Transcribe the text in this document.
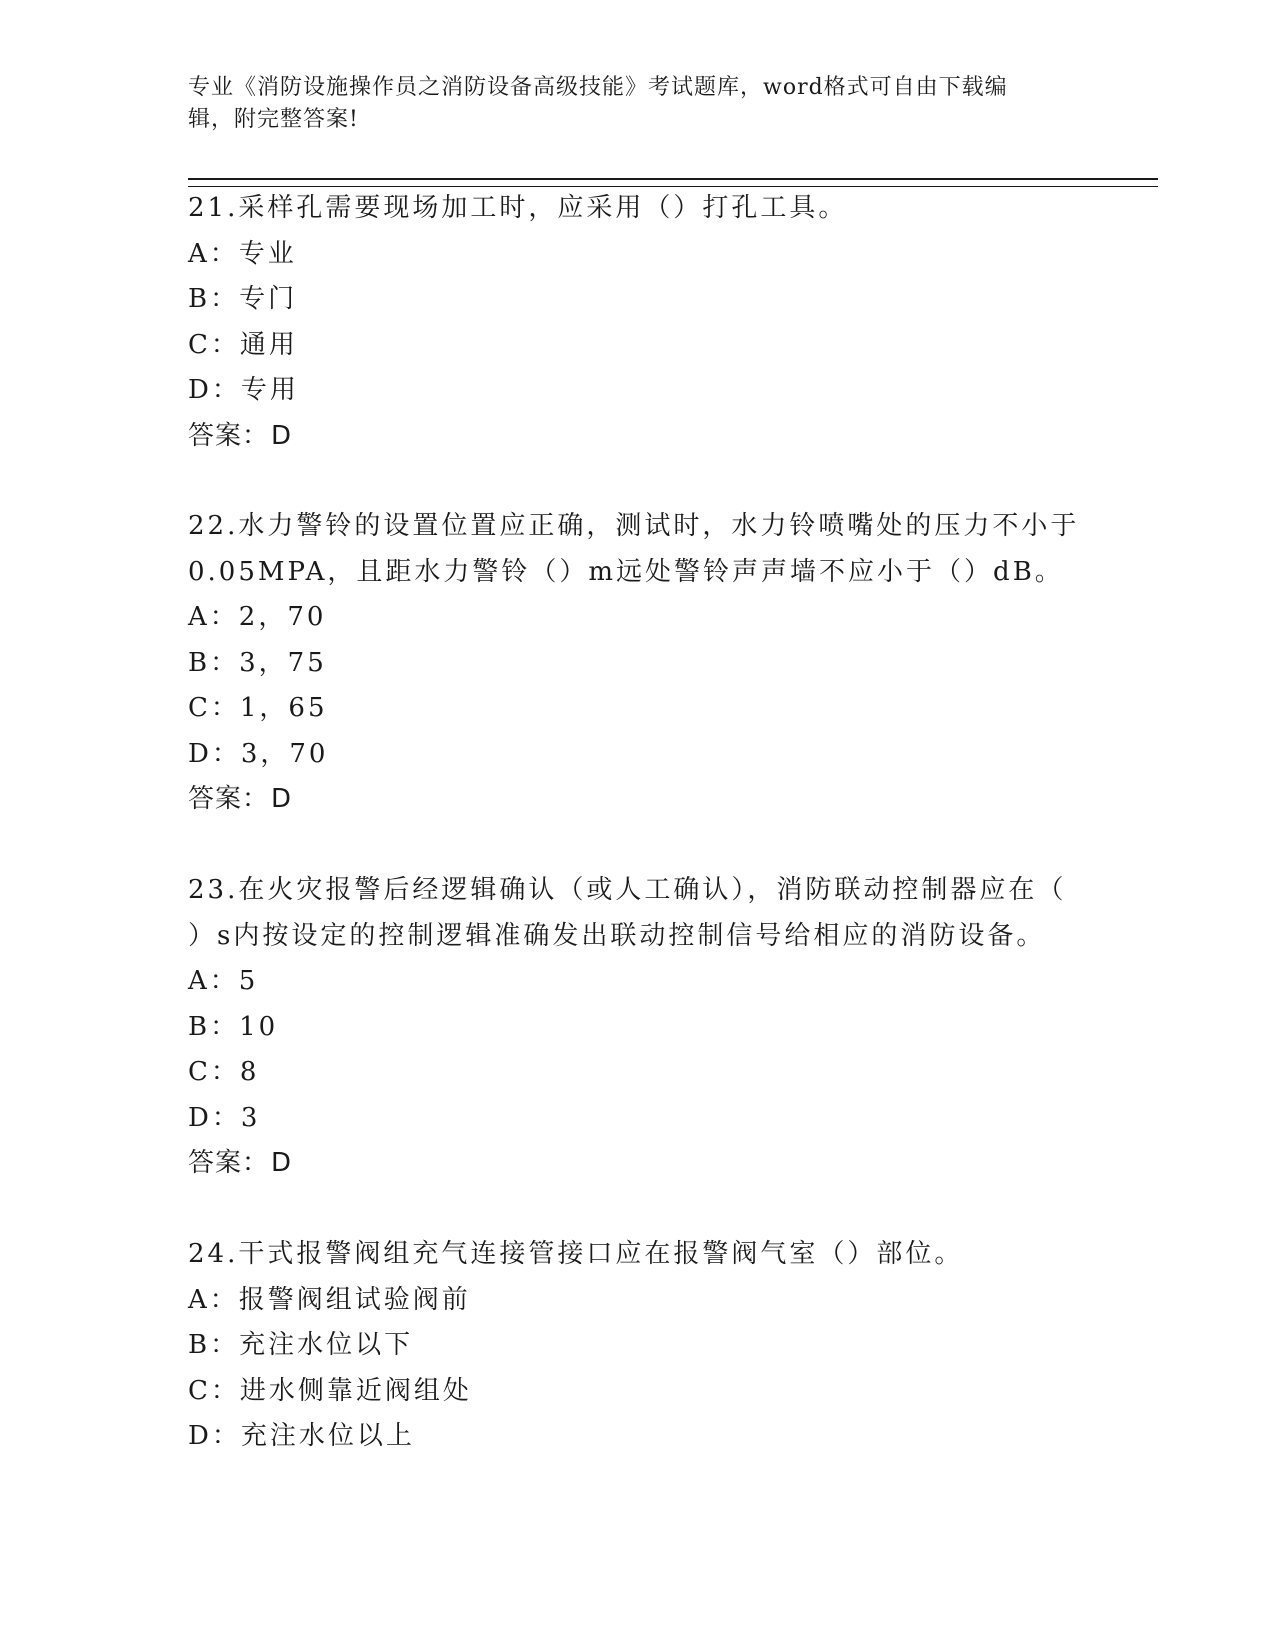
专业《消防设施操作员之消防设备高级技能》考试题库，word格式可自由下载编
辑，附完整答案!
21.采样孔需要现场加工时，应采用（）打孔工具。
A：专业
B：专门
C：通用
D：专用
答案：D
22.水力警铃的设置位置应正确，测试时，水力铃喷嘴处的压力不小于
0.05MPA，且距水力警铃（）m远处警铃声声墙不应小于（）dB。
A：2，70
B：3，75
C：1，65
D：3，70
答案：D
23.在火灾报警后经逻辑确认（或人工确认），消防联动控制器应在（
）s内按设定的控制逻辑准确发出联动控制信号给相应的消防设备。
A：5
B：10
C：8
D：3
答案：D
24.干式报警阀组充气连接管接口应在报警阀气室（）部位。
A：报警阀组试验阀前
B：充注水位以下
C：进水侧靠近阀组处
D：充注水位以上
